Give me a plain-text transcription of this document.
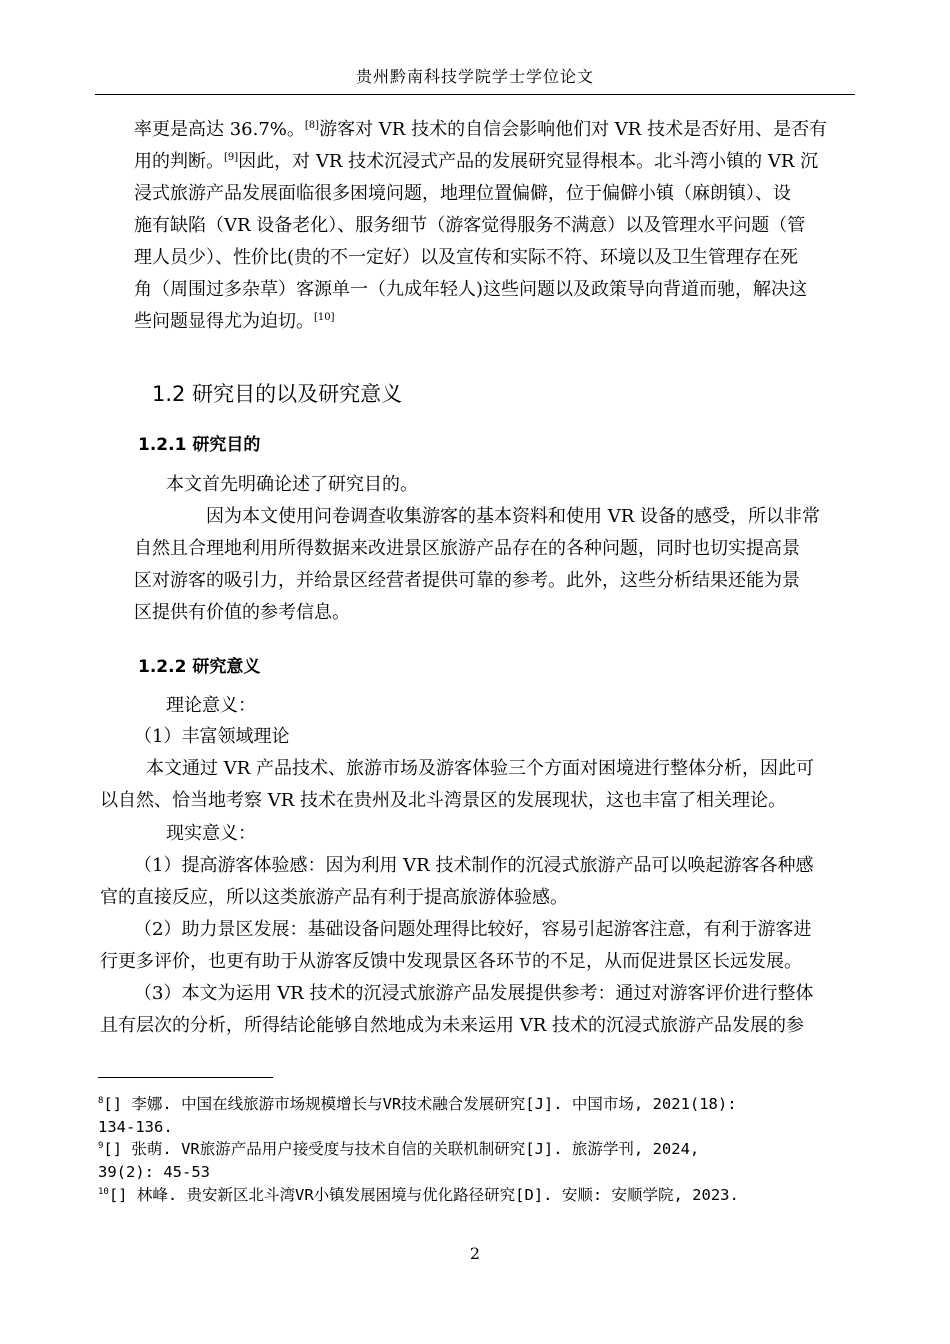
贵州黔南科技学院学士学位论文
率更是高达 36.7%。[8]游客对 VR 技术的自信会影响他们对 VR 技术是否好用、是否有
用的判断。[9]因此，对 VR 技术沉浸式产品的发展研究显得根本。北斗湾小镇的 VR 沉
浸式旅游产品发展面临很多困境问题，地理位置偏僻，位于偏僻小镇（麻朗镇）、设
施有缺陷（VR 设备老化）、服务细节（游客觉得服务不满意）以及管理水平问题（管
理人员少）、性价比(贵的不一定好）以及宣传和实际不符、环境以及卫生管理存在死
角（周围过多杂草）客源单一（九成年轻人)这些问题以及政策导向背道而驰，解决这
些问题显得尤为迫切。[10]
1.2 研究目的以及研究意义
1.2.1 研究目的
本文首先明确论述了研究目的。
因为本文使用问卷调查收集游客的基本资料和使用 VR 设备的感受，所以非常
自然且合理地利用所得数据来改进景区旅游产品存在的各种问题，同时也切实提高景
区对游客的吸引力，并给景区经营者提供可靠的参考。此外，这些分析结果还能为景
区提供有价值的参考信息。
1.2.2 研究意义
理论意义：
（1）丰富领域理论
本文通过 VR 产品技术、旅游市场及游客体验三个方面对困境进行整体分析，因此可
以自然、恰当地考察 VR 技术在贵州及北斗湾景区的发展现状，这也丰富了相关理论。
现实意义：
（1）提高游客体验感：因为利用 VR 技术制作的沉浸式旅游产品可以唤起游客各种感
官的直接反应，所以这类旅游产品有利于提高旅游体验感。
（2）助力景区发展：基础设备问题处理得比较好，容易引起游客注意，有利于游客进
行更多评价，也更有助于从游客反馈中发现景区各环节的不足，从而促进景区长远发展。
（3）本文为运用 VR 技术的沉浸式旅游产品发展提供参考：通过对游客评价进行整体
且有层次的分析，所得结论能够自然地成为未来运用 VR 技术的沉浸式旅游产品发展的参
$^8$[] 李娜. 中国在线旅游市场规模增长与VR技术融合发展研究[J]. 中国市场, 2021(18):
134-136.
$^9$[] 张萌. VR旅游产品用户接受度与技术自信的关联机制研究[J]. 旅游学刊, 2024,
39(2): 45-53
$^{10}$[] 林峰. 贵安新区北斗湾VR小镇发展困境与优化路径研究[D]. 安顺: 安顺学院, 2023.
2
